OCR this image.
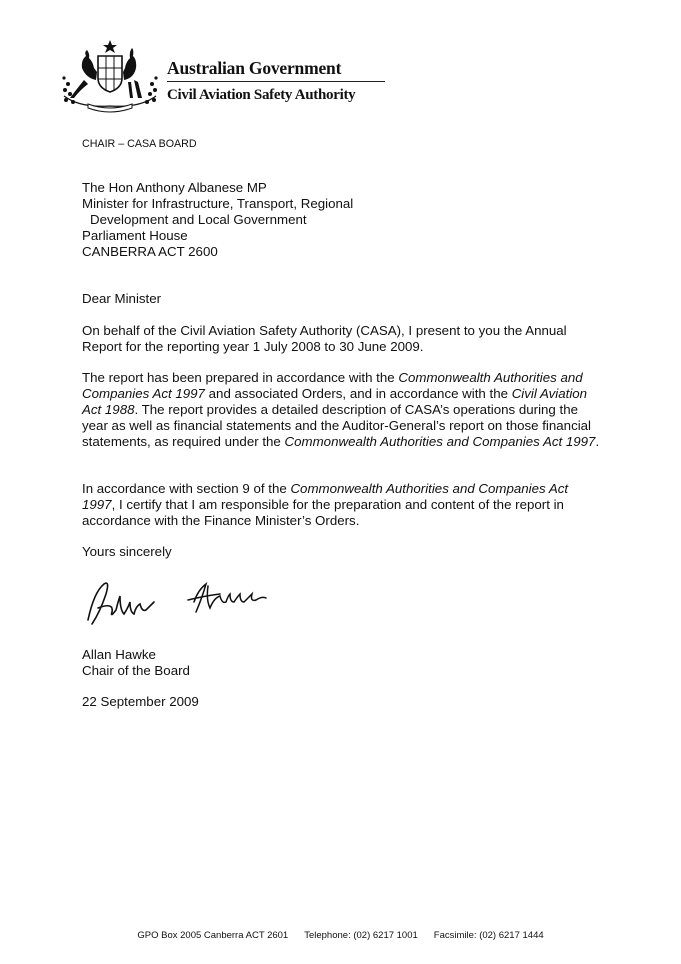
Australian Government
Civil Aviation Safety Authority
CHAIR – CASA BOARD
The Hon Anthony Albanese MP
Minister for Infrastructure, Transport, Regional
Development and Local Government
Parliament House
CANBERRA ACT 2600
Dear Minister
On behalf of the Civil Aviation Safety Authority (CASA), I present to you the Annual Report for the reporting year 1 July 2008 to 30 June 2009.
The report has been prepared in accordance with the Commonwealth Authorities and Companies Act 1997 and associated Orders, and in accordance with the Civil Aviation Act 1988. The report provides a detailed description of CASA’s operations during the year as well as financial statements and the Auditor-General’s report on those financial statements, as required under the Commonwealth Authorities and Companies Act 1997.
In accordance with section 9 of the Commonwealth Authorities and Companies Act 1997, I certify that I am responsible for the preparation and content of the report in accordance with the Finance Minister’s Orders.
Yours sincerely
Allan Hawke
Chair of the Board
22 September 2009
GPO Box 2005 Canberra ACT 2601 Telephone: (02) 6217 1001 Facsimile: (02) 6217 1444
